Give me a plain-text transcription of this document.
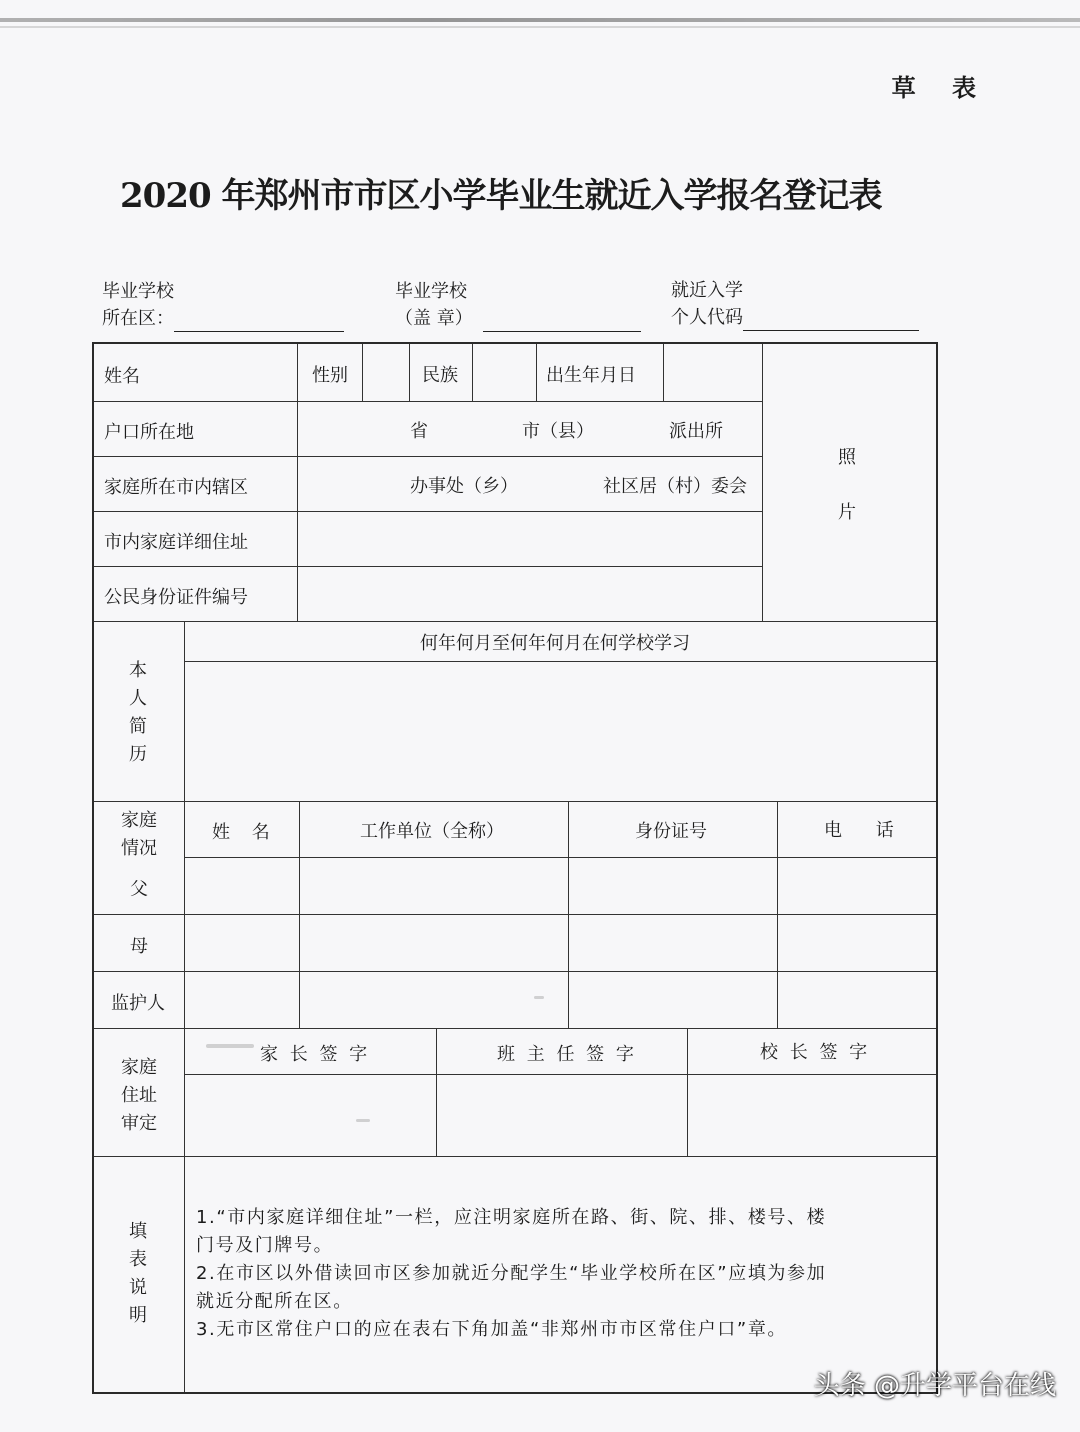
草 表
2020 年郑州市市区小学毕业生就近入学报名登记表
毕业学校
所在区：
毕业学校
（盖 章）
就近入学
个人代码
姓名	性别	民族	出生年月日
照
片
户口所在地	省	市（县）	派出所
家庭所在市内辖区	办事处（乡）	社区居（村）委会
市内家庭详细住址
公民身份证件编号
本
人
简
历
何年何月至何年何月在何学校学习
家庭
情况
姓 名	工作单位（全称）	身份证号	电 话
父
母
监护人
家庭
住址
审定
家 长 签 字	班 主 任 签 字	校 长 签 字
填
表
说
明
1.“市内家庭详细住址”一栏，应注明家庭所在路、街、院、排、楼号、楼
门号及门牌号。
2.在市区以外借读回市区参加就近分配学生“毕业学校所在区”应填为参加
就近分配所在区。
3.无市区常住户口的应在表右下角加盖“非郑州市市区常住户口”章。
头条 @升学平台在线
